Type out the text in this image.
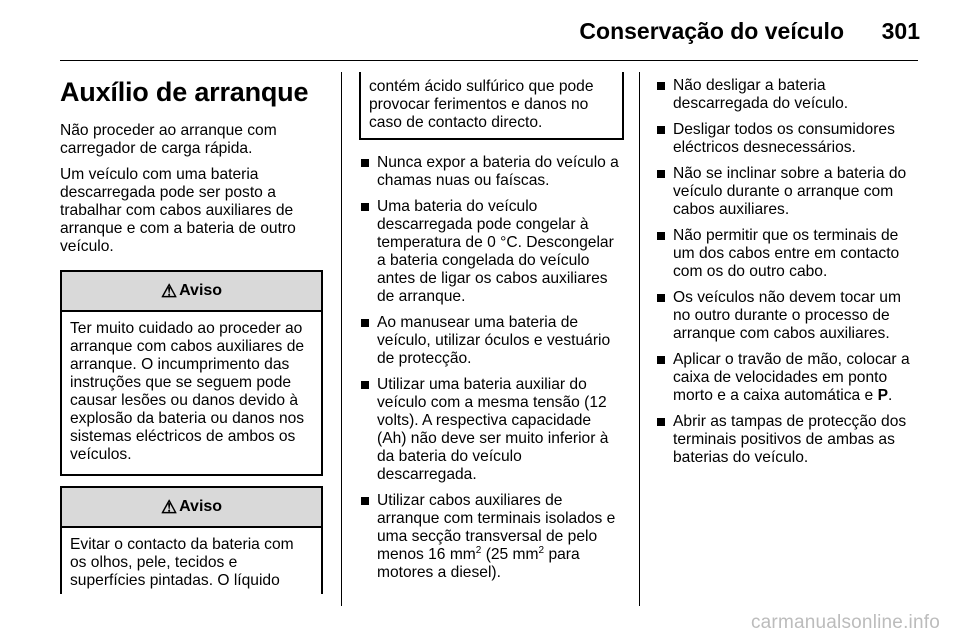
Conservação do veículo 301
Auxílio de arranque

Não proceder ao arranque com carregador de carga rápida.

Um veículo com uma bateria descarregada pode ser posto a trabalhar com cabos auxiliares de arranque e com a bateria de outro veículo.

⚠ Aviso
Ter muito cuidado ao proceder ao arranque com cabos auxiliares de arranque. O incumprimento das instruções que se seguem pode causar lesões ou danos devido à explosão da bateria ou danos nos sistemas eléctricos de ambos os veículos.
⚠ Aviso
Evitar o contacto da bateria com os olhos, pele, tecidos e superfícies pintadas. O líquido
contém ácido sulfúrico que pode provocar ferimentos e danos no caso de contacto directo.
Nunca expor a bateria do veículo a chamas nuas ou faíscas.
Uma bateria do veículo descarregada pode congelar à temperatura de 0 °C. Descongelar a bateria congelada do veículo antes de ligar os cabos auxiliares de arranque.
Ao manusear uma bateria de veículo, utilizar óculos e vestuário de protecção.
Utilizar uma bateria auxiliar do veículo com a mesma tensão (12 volts). A respectiva capacidade (Ah) não deve ser muito inferior à da bateria do veículo descarregada.
Utilizar cabos auxiliares de arranque com terminais isolados e uma secção transversal de pelo menos 16 $mm^2$ (25 $mm^2$ para motores a diesel).
Não desligar a bateria descarregada do veículo.
Desligar todos os consumidores eléctricos desnecessários.
Não se inclinar sobre a bateria do veículo durante o arranque com cabos auxiliares.
Não permitir que os terminais de um dos cabos entre em contacto com os do outro cabo.
Os veículos não devem tocar um no outro durante o processo de arranque com cabos auxiliares.
Aplicar o travão de mão, colocar a caixa de velocidades em ponto morto e a caixa automática e P.
Abrir as tampas de protecção dos terminais positivos de ambas as baterias do veículo.
carmanualsonline.info
